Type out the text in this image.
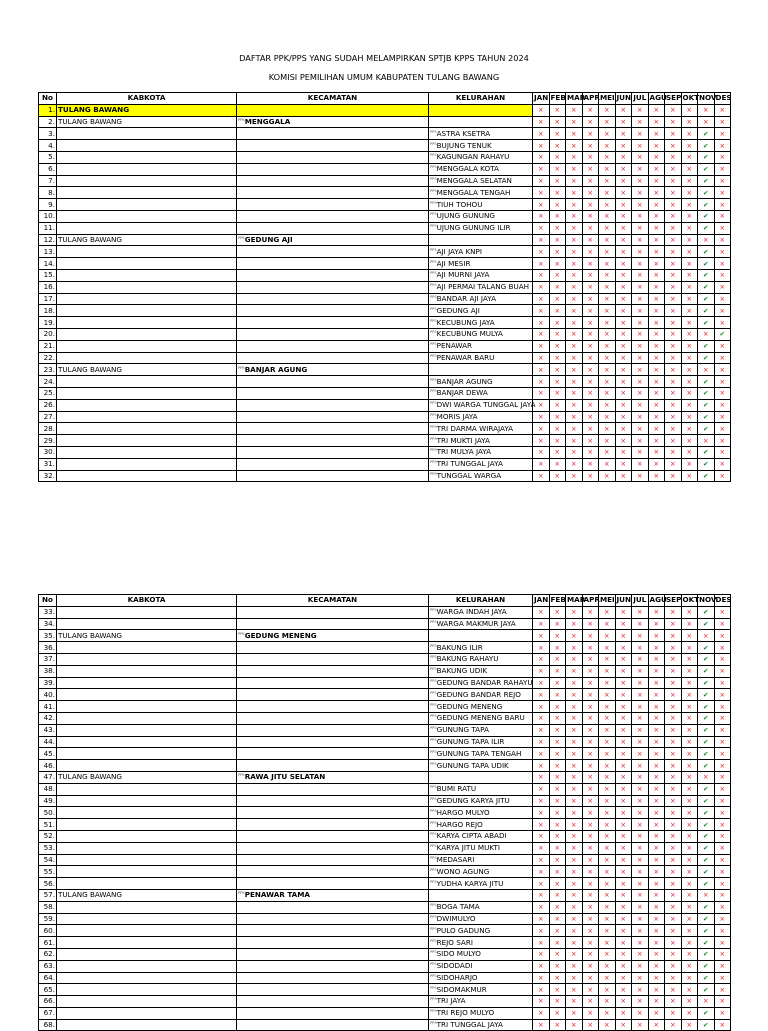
DAFTAR PPK/PPS YANG SUDAH MELAMPIRKAN SPTJB KPPS TAHUN 2024
KOMISI PEMILIHAN UMUM KABUPATEN TULANG BAWANG
No	KABKOTA	KECAMATAN	KELURAHAN	JAN	FEB	MAR	APR	MEI	JUN	JUL	AGU	SEP	OKT	NOV	DES
1.	TULANG BAWANG			×	×	×	×	×	×	×	×	×	×	×	×
2.	TULANG BAWANG	$^{PPK}$MENGGALA		×	×	×	×	×	×	×	×	×	×	×	×
3.			$^{PPS}$ASTRA KSETRA	×	×	×	×	×	×	×	×	×	×	✔	×
4.			$^{PPS}$BUJUNG TENUK	×	×	×	×	×	×	×	×	×	×	✔	×
5.			$^{PPS}$KAGUNGAN RAHAYU	×	×	×	×	×	×	×	×	×	×	✔	×
6.			$^{PPS}$MENGGALA KOTA	×	×	×	×	×	×	×	×	×	×	✔	×
7.			$^{PPS}$MENGGALA SELATAN	×	×	×	×	×	×	×	×	×	×	✔	×
8.			$^{PPS}$MENGGALA TENGAH	×	×	×	×	×	×	×	×	×	×	✔	×
9.			$^{PPS}$TIUH TOHOU	×	×	×	×	×	×	×	×	×	×	✔	×
10.			$^{PPS}$UJUNG GUNUNG	×	×	×	×	×	×	×	×	×	×	✔	×
11.			$^{PPS}$UJUNG GUNUNG ILIR	×	×	×	×	×	×	×	×	×	×	✔	×
12.	TULANG BAWANG	$^{PPK}$GEDUNG AJI		×	×	×	×	×	×	×	×	×	×	×	×
13.			$^{PPS}$AJI JAYA KNPI	×	×	×	×	×	×	×	×	×	×	✔	×
14.			$^{PPS}$AJI MESIR	×	×	×	×	×	×	×	×	×	×	✔	×
15.			$^{PPS}$AJI MURNI JAYA	×	×	×	×	×	×	×	×	×	×	✔	×
16.			$^{PPS}$AJI PERMAI TALANG BUAH	×	×	×	×	×	×	×	×	×	×	✔	×
17.			$^{PPS}$BANDAR AJI JAYA	×	×	×	×	×	×	×	×	×	×	✔	×
18.			$^{PPS}$GEDUNG AJI	×	×	×	×	×	×	×	×	×	×	✔	×
19.			$^{PPS}$KECUBUNG JAYA	×	×	×	×	×	×	×	×	×	×	✔	×
20.			$^{PPS}$KECUBUNG MULYA	×	×	×	×	×	×	×	×	×	×	×	✔
21.			$^{PPS}$PENAWAR	×	×	×	×	×	×	×	×	×	×	✔	×
22.			$^{PPS}$PENAWAR BARU	×	×	×	×	×	×	×	×	×	×	✔	×
23.	TULANG BAWANG	$^{PPK}$BANJAR AGUNG		×	×	×	×	×	×	×	×	×	×	×	×
24.			$^{PPS}$BANJAR AGUNG	×	×	×	×	×	×	×	×	×	×	✔	×
25.			$^{PPS}$BANJAR DEWA	×	×	×	×	×	×	×	×	×	×	✔	×
26.			$^{PPS}$DWI WARGA TUNGGAL JAYA	×	×	×	×	×	×	×	×	×	×	✔	×
27.			$^{PPS}$MORIS JAYA	×	×	×	×	×	×	×	×	×	×	✔	×
28.			$^{PPS}$TRI DARMA WIRAJAYA	×	×	×	×	×	×	×	×	×	×	✔	×
29.			$^{PPS}$TRI MUKTI JAYA	×	×	×	×	×	×	×	×	×	×	×	×
30.			$^{PPS}$TRI MULYA JAYA	×	×	×	×	×	×	×	×	×	×	✔	×
31.			$^{PPS}$TRI TUNGGAL JAYA	×	×	×	×	×	×	×	×	×	×	✔	×
32.			$^{PPS}$TUNGGAL WARGA	×	×	×	×	×	×	×	×	×	×	✔	×
No	KABKOTA	KECAMATAN	KELURAHAN	JAN	FEB	MAR	APR	MEI	JUN	JUL	AGU	SEP	OKT	NOV	DES
33.			$^{PPS}$WARGA INDAH JAYA	×	×	×	×	×	×	×	×	×	×	✔	×
34.			$^{PPS}$WARGA MAKMUR JAYA	×	×	×	×	×	×	×	×	×	×	✔	×
35.	TULANG BAWANG	$^{PPK}$GEDUNG MENENG		×	×	×	×	×	×	×	×	×	×	×	×
36.			$^{PPS}$BAKUNG ILIR	×	×	×	×	×	×	×	×	×	×	✔	×
37.			$^{PPS}$BAKUNG RAHAYU	×	×	×	×	×	×	×	×	×	×	✔	×
38.			$^{PPS}$BAKUNG UDIK	×	×	×	×	×	×	×	×	×	×	✔	×
39.			$^{PPS}$GEDUNG BANDAR RAHAYU	×	×	×	×	×	×	×	×	×	×	✔	×
40.			$^{PPS}$GEDUNG BANDAR REJO	×	×	×	×	×	×	×	×	×	×	✔	×
41.			$^{PPS}$GEDUNG MENENG	×	×	×	×	×	×	×	×	×	×	✔	×
42.			$^{PPS}$GEDUNG MENENG BARU	×	×	×	×	×	×	×	×	×	×	✔	×
43.			$^{PPS}$GUNUNG TAPA	×	×	×	×	×	×	×	×	×	×	✔	×
44.			$^{PPS}$GUNUNG TAPA ILIR	×	×	×	×	×	×	×	×	×	×	✔	×
45.			$^{PPS}$GUNUNG TAPA TENGAH	×	×	×	×	×	×	×	×	×	×	✔	×
46.			$^{PPS}$GUNUNG TAPA UDIK	×	×	×	×	×	×	×	×	×	×	✔	×
47.	TULANG BAWANG	$^{PPK}$RAWA JITU SELATAN		×	×	×	×	×	×	×	×	×	×	×	×
48.			$^{PPS}$BUMI RATU	×	×	×	×	×	×	×	×	×	×	✔	×
49.			$^{PPS}$GEDUNG KARYA JITU	×	×	×	×	×	×	×	×	×	×	✔	×
50.			$^{PPS}$HARGO MULYO	×	×	×	×	×	×	×	×	×	×	✔	×
51.			$^{PPS}$HARGO REJO	×	×	×	×	×	×	×	×	×	×	✔	×
52.			$^{PPS}$KARYA CIPTA ABADI	×	×	×	×	×	×	×	×	×	×	✔	×
53.			$^{PPS}$KARYA JITU MUKTI	×	×	×	×	×	×	×	×	×	×	✔	×
54.			$^{PPS}$MEDASARI	×	×	×	×	×	×	×	×	×	×	✔	×
55.			$^{PPS}$WONO AGUNG	×	×	×	×	×	×	×	×	×	×	✔	×
56.			$^{PPS}$YUDHA KARYA JITU	×	×	×	×	×	×	×	×	×	×	✔	×
57.	TULANG BAWANG	$^{PPK}$PENAWAR TAMA		×	×	×	×	×	×	×	×	×	×	×	×
58.			$^{PPS}$BOGA TAMA	×	×	×	×	×	×	×	×	×	×	✔	×
59.			$^{PPS}$DWIMULYO	×	×	×	×	×	×	×	×	×	×	✔	×
60.			$^{PPS}$PULO GADUNG	×	×	×	×	×	×	×	×	×	×	✔	×
61.			$^{PPS}$REJO SARI	×	×	×	×	×	×	×	×	×	×	✔	×
62.			$^{PPS}$SIDO MULYO	×	×	×	×	×	×	×	×	×	×	✔	×
63.			$^{PPS}$SIDODADI	×	×	×	×	×	×	×	×	×	×	✔	×
64.			$^{PPS}$SIDOHARJO	×	×	×	×	×	×	×	×	×	×	✔	×
65.			$^{PPS}$SIDOMAKMUR	×	×	×	×	×	×	×	×	×	×	✔	×
66.			$^{PPS}$TRI JAYA	×	×	×	×	×	×	×	×	×	×	×	×
67.			$^{PPS}$TRI REJO MULYO	×	×	×	×	×	×	×	×	×	×	✔	×
68.			$^{PPS}$TRI TUNGGAL JAYA	×	×	×	×	×	×	×	×	×	×	✔	×
